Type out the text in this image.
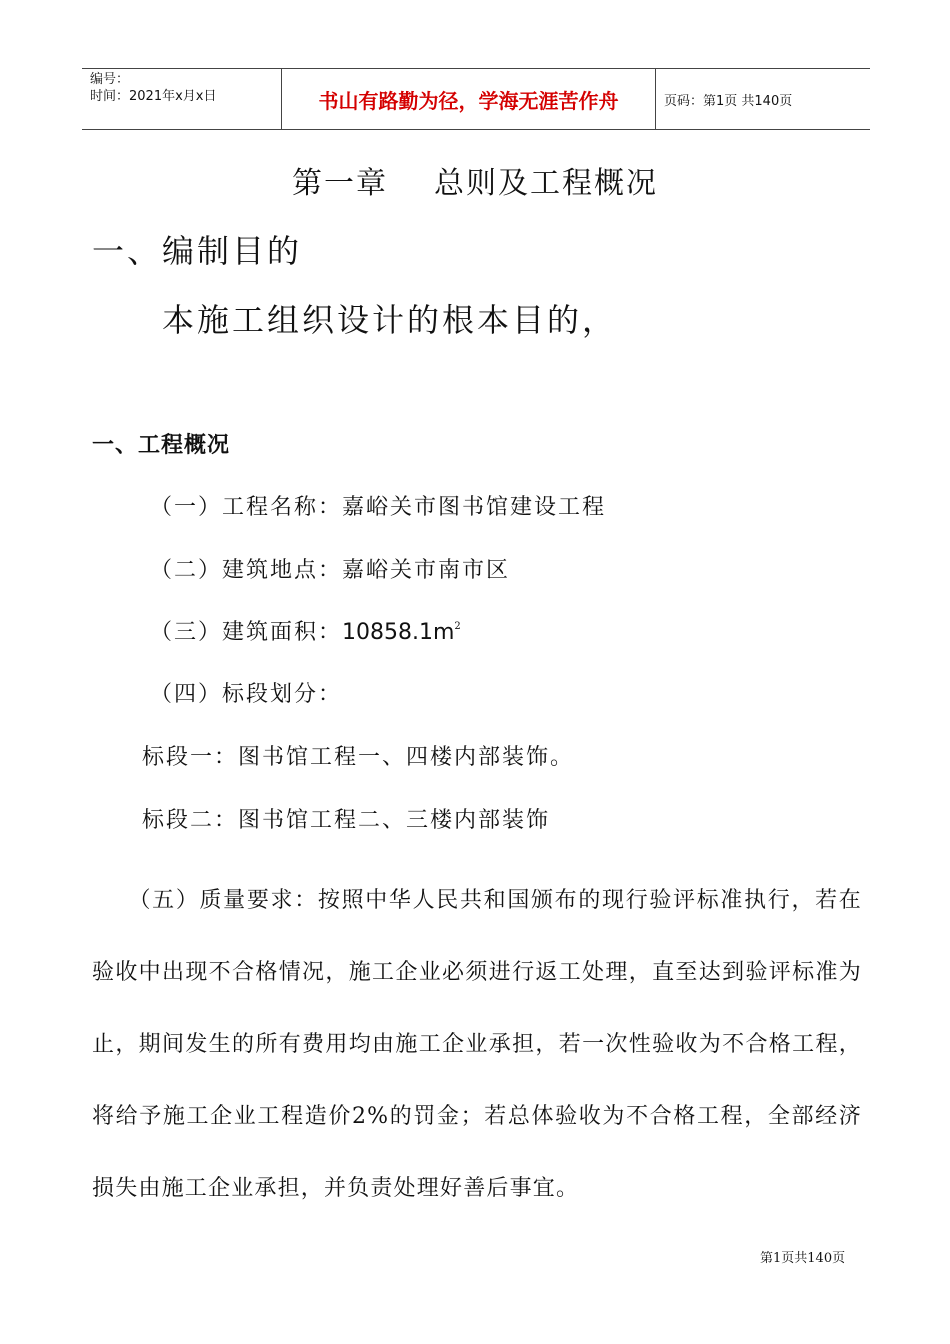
编号：
时间：2021年x月x日	书山有路勤为径，学海无涯苦作舟	页码：第1页 共140页
第一章 总则及工程概况
一、编制目的
本施工组织设计的根本目的，
一、工程概况
（一）工程名称：嘉峪关市图书馆建设工程
（二）建筑地点：嘉峪关市南市区
（三）建筑面积：$10858.1m^2$
（四）标段划分：
标段一：图书馆工程一、四楼内部装饰。
标段二：图书馆工程二、三楼内部装饰
（五）质量要求：按照中华人民共和国颁布的现行验评标准执行，若在验收中出现不合格情况，施工企业必须进行返工处理，直至达到验评标准为止，期间发生的所有费用均由施工企业承担，若一次性验收为不合格工程，将给予施工企业工程造价2%的罚金；若总体验收为不合格工程，全部经济损失由施工企业承担，并负责处理好善后事宜。
第1页共140页
